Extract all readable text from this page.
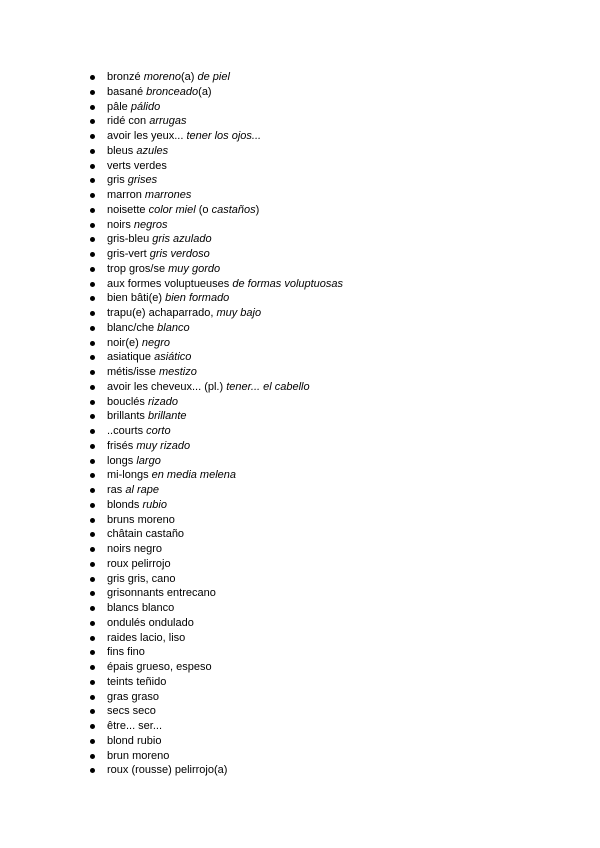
bronzé moreno(a) de piel
basané bronceado(a)
pâle pálido
ridé con arrugas
avoir les yeux... tener los ojos...
bleus azules
verts verdes
gris grises
marron marrones
noisette color miel (o castaños)
noirs negros
gris-bleu gris azulado
gris-vert gris verdoso
trop gros/se muy gordo
aux formes voluptueuses de formas voluptuosas
bien bâti(e) bien formado
trapu(e) achaparrado, muy bajo
blanc/che blanco
noir(e) negro
asiatique asiático
métis/isse mestizo
avoir les cheveux... (pl.) tener... el cabello
bouclés rizado
brillants brillante
..courts corto
frisés muy rizado
longs largo
mi-longs en media melena
ras al rape
blonds rubio
bruns moreno
châtain castaño
noirs negro
roux pelirrojo
gris gris, cano
grisonnants entrecano
blancs blanco
ondulés ondulado
raides lacio, liso
fins fino
épais grueso, espeso
teints teñido
gras graso
secs seco
être... ser...
blond rubio
brun moreno
roux (rousse) pelirrojo(a)
